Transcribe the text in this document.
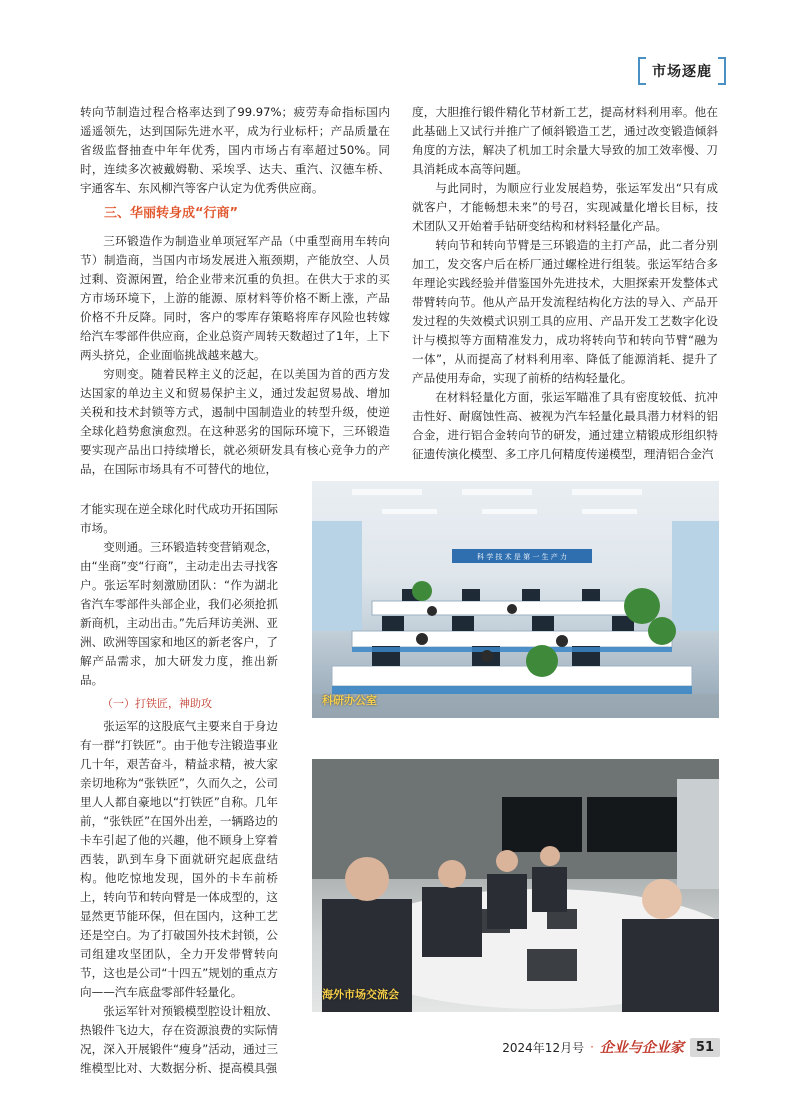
市场逐鹿

转向节制造过程合格率达到了99.97%；疲劳寿命指标国内遥遥领先，达到国际先进水平，成为行业标杆；产品质量在省级监督抽查中年年优秀，国内市场占有率超过50%。同时，连续多次被戴姆勒、采埃孚、达夫、重汽、汉德车桥、宇通客车、东风柳汽等客户认定为优秀供应商。

三、华丽转身成“行商”

三环锻造作为制造业单项冠军产品（中重型商用车转向节）制造商，当国内市场发展进入瓶颈期，产能放空、人员过剩、资源闲置，给企业带来沉重的负担。在供大于求的买方市场环境下，上游的能源、原材料等价格不断上涨，产品价格不升反降。同时，客户的零库存策略将库存风险也转嫁给汽车零部件供应商，企业总资产周转天数超过了1年，上下两头挤兑，企业面临挑战越来越大。

穷则变。随着民粹主义的泛起，在以美国为首的西方发达国家的单边主义和贸易保护主义，通过发起贸易战、增加关税和技术封锁等方式，遏制中国制造业的转型升级，使逆全球化趋势愈演愈烈。在这种恶劣的国际环境下，三环锻造要实现产品出口持续增长，就必须研发具有核心竞争力的产品，在国际市场具有不可替代的地位，

才能实现在逆全球化时代成功开拓国际市场。

变则通。三环锻造转变营销观念，由“坐商”变“行商”，主动走出去寻找客户。张运军时刻激励团队：“作为湖北省汽车零部件头部企业，我们必须抢抓新商机，主动出击。”先后拜访美洲、亚洲、欧洲等国家和地区的新老客户，了解产品需求，加大研发力度，推出新品。

（一）打铁匠，神助攻

张运军的这股底气主要来自于身边有一群“打铁匠”。由于他专注锻造事业几十年，艰苦奋斗，精益求精，被大家亲切地称为“张铁匠”，久而久之，公司里人人都自豪地以“打铁匠”自称。几年前，“张铁匠”在国外出差，一辆路边的卡车引起了他的兴趣，他不顾身上穿着西装，趴到车身下面就研究起底盘结构。他吃惊地发现，国外的卡车前桥上，转向节和转向臂是一体成型的，这显然更节能环保，但在国内，这种工艺还是空白。为了打破国外技术封锁，公司组建攻坚团队，全力开发带臂转向节，这也是公司“十四五”规划的重点方向——汽车底盘零部件轻量化。

张运军针对预锻模型腔设计粗放、热锻件飞边大，存在资源浪费的实际情况，深入开展锻件“瘦身”活动，通过三维模型比对、大数据分析、提高模具强

度，大胆推行锻件精化节材新工艺，提高材料利用率。他在此基础上又试行并推广了倾斜锻造工艺，通过改变锻造倾斜角度的方法，解决了机加工时余量大导致的加工效率慢、刀具消耗成本高等问题。

与此同时，为顺应行业发展趋势，张运军发出“只有成就客户，才能畅想未来”的号召，实现减量化增长目标，技术团队又开始着手钻研变结构和材料轻量化产品。

转向节和转向节臂是三环锻造的主打产品，此二者分别加工，发交客户后在桥厂通过螺栓进行组装。张运军结合多年理论实践经验并借鉴国外先进技术，大胆探索开发整体式带臂转向节。他从产品开发流程结构化方法的导入、产品开发过程的失效模式识别工具的应用、产品开发工艺数字化设计与模拟等方面精准发力，成功将转向节和转向节臂“融为一体”，从而提高了材料利用率、降低了能源消耗、提升了产品使用寿命，实现了前桥的结构轻量化。

在材料轻量化方面，张运军瞄准了具有密度较低、抗冲击性好、耐腐蚀性高、被视为汽车轻量化最具潜力材料的铝合金，进行铝合金转向节的研发，通过建立精锻成形组织特征遗传演化模型、多工序几何精度传递模型，理清铝合金汽

科 学 技 术 是 第 一 生 产 力
科研办公室
海外市场交流会
2024年12月号 · 企业与企业家 51
